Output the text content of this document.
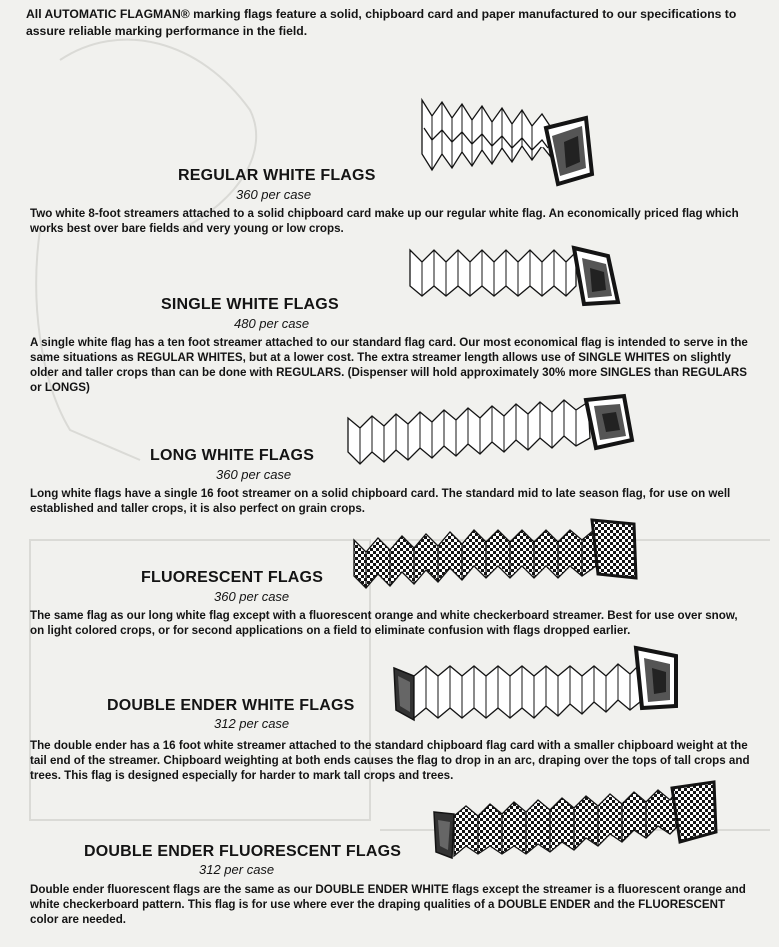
All AUTOMATIC FLAGMAN® marking flags feature a solid, chipboard card and paper manufactured to our specifications to assure reliable marking performance in the field.

REGULAR WHITE FLAGS
360 per case

Two white 8-foot streamers attached to a solid chipboard card make up our regular white flag. An economically priced flag which works best over bare fields and very young or low crops.

SINGLE WHITE FLAGS
480 per case

A single white flag has a ten foot streamer attached to our standard flag card. Our most economical flag is intended to serve in the same situations as REGULAR WHITES, but at a lower cost. The extra streamer length allows use of SINGLE WHITES on slightly older and taller crops than can be done with REGULARS. (Dispenser will hold approximately 30% more SINGLES than REGULARS or LONGS)

LONG WHITE FLAGS
360 per case

Long white flags have a single 16 foot streamer on a solid chipboard card. The standard mid to late season flag, for use on well established and taller crops, it is also perfect on grain crops.

FLUORESCENT FLAGS
360 per case

The same flag as our long white flag except with a fluorescent orange and white checkerboard streamer. Best for use over snow, on light colored crops, or for second applications on a field to eliminate confusion with flags dropped earlier.

DOUBLE ENDER WHITE FLAGS
312 per case

The double ender has a 16 foot white streamer attached to the standard chipboard flag card with a smaller chipboard weight at the tail end of the streamer. Chipboard weighting at both ends causes the flag to drop in an arc, draping over the tops of tall crops and trees. This flag is designed especially for harder to mark tall crops and trees.

DOUBLE ENDER FLUORESCENT FLAGS
312 per case

Double ender fluorescent flags are the same as our DOUBLE ENDER WHITE flags except the streamer is a fluorescent orange and white checkerboard pattern. This flag is for use where ever the draping qualities of a DOUBLE ENDER and the FLUORESCENT color are needed.
